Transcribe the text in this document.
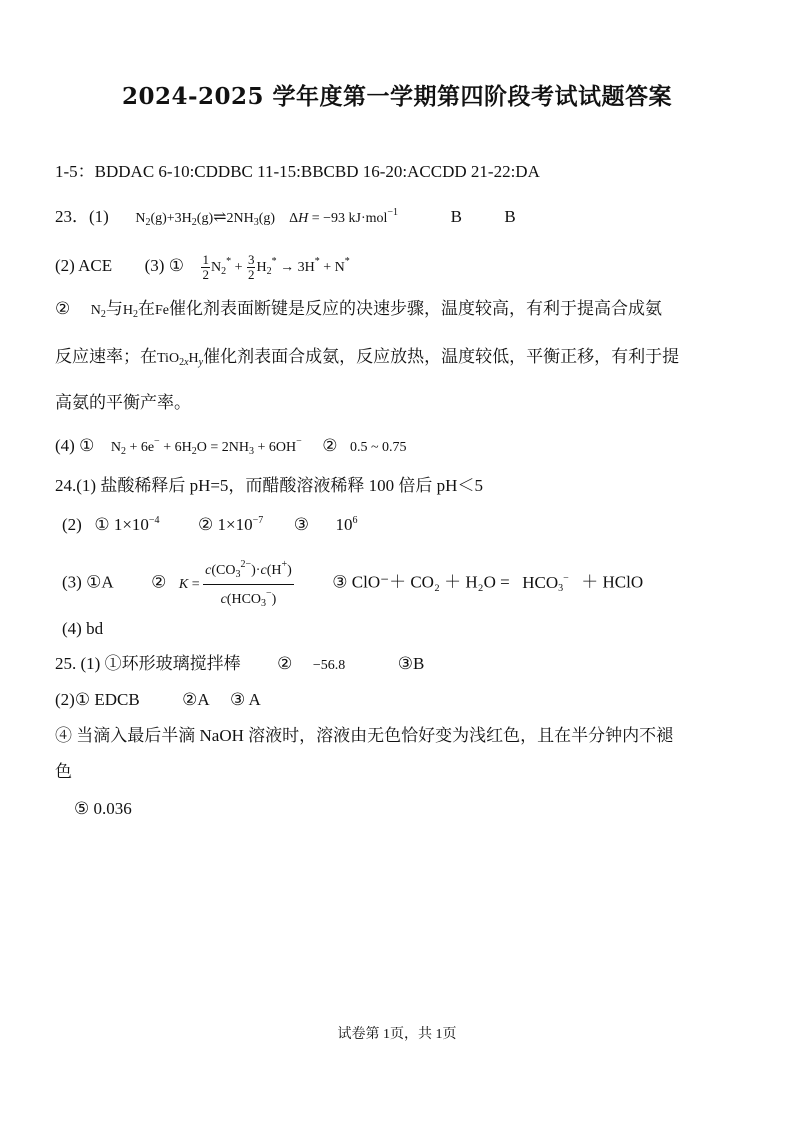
2024-2025 学年度第一学期第四阶段考试试题答案
1-5：BDDAC 6-10:CDDBC 11-15:BBCBD 16-20:ACCDD 21-22:DA
23．(1) $N_2(g)+3H_2(g)\rightleftharpoons 2NH_3(g) \Delta H = -93$ kJ·mol$^{-1}$	B	B
(2) ACE (3) ① $\frac{1}{2} N_2^* + \frac{3}{2} H_2^* \to 3H^* + N^*$
② $N_2$与$H_2$在Fe催化剂表面断键是反应的决速步骤，温度较高，有利于提高合成氨
反应速率；在$TiO_{2x}H_y$催化剂表面合成氨，反应放热，温度较低，平衡正移，有利于提
高氨的平衡产率。
(4) ① $N_2 + 6e^- + 6H_2O = 2NH_3 + 6OH^-$ ② 0.5 ~ 0.75
24.(1) 盐酸稀释后 pH=5，而醋酸溶液稀释 100 倍后 pH＜5
(2) ① $1\times 10^{-4}$ ② $1\times 10^{-7}$ ③ $10^6$
(3) ①A ② $K = \frac{c(CO_3^{2-})\cdot c(H^+)}{c(HCO_3^-)}$ ③ $ClO^-+ CO_2 + H_2O = HCO_3^-$ ＋ HClO
(4) bd
25. (1) ①环形玻璃搅拌棒 ② −56.8	③B
(2)① EDCB          ②A     ③ A
④ 当滴入最后半滴 NaOH 溶液时，溶液由无色恰好变为浅红色，且在半分钟内不褪
色
⑤ 0.036
试卷第 1页，共 1页
